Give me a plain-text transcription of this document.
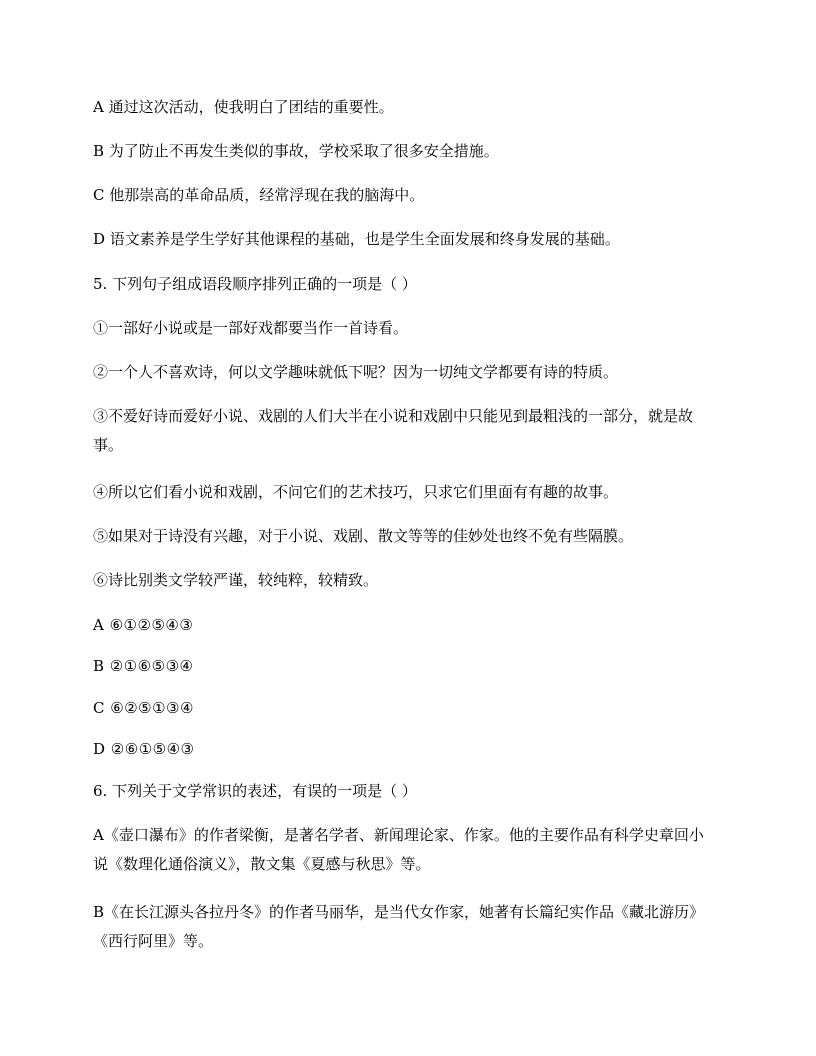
A 通过这次活动，使我明白了团结的重要性。
B 为了防止不再发生类似的事故，学校采取了很多安全措施。
C 他那崇高的革命品质，经常浮现在我的脑海中。
D 语文素养是学生学好其他课程的基础，也是学生全面发展和终身发展的基础。
5. 下列句子组成语段顺序排列正确的一项是（ ）
①一部好小说或是一部好戏都要当作一首诗看。
②一个人不喜欢诗，何以文学趣味就低下呢？因为一切纯文学都要有诗的特质。
③不爱好诗而爱好小说、戏剧的人们大半在小说和戏剧中只能见到最粗浅的一部分，就是故事。
④所以它们看小说和戏剧，不问它们的艺术技巧，只求它们里面有有趣的故事。
⑤如果对于诗没有兴趣，对于小说、戏剧、散文等等的佳妙处也终不免有些隔膜。
⑥诗比别类文学较严谨，较纯粹，较精致。
A ⑥①②⑤④③
B ②①⑥⑤③④
C ⑥②⑤①③④
D ②⑥①⑤④③
6. 下列关于文学常识的表述，有误的一项是（ ）
A《壶口瀑布》的作者梁衡，是著名学者、新闻理论家、作家。他的主要作品有科学史章回小说《数理化通俗演义》，散文集《夏感与秋思》等。
B《在长江源头各拉丹冬》的作者马丽华，是当代女作家，她著有长篇纪实作品《藏北游历》《西行阿里》等。
